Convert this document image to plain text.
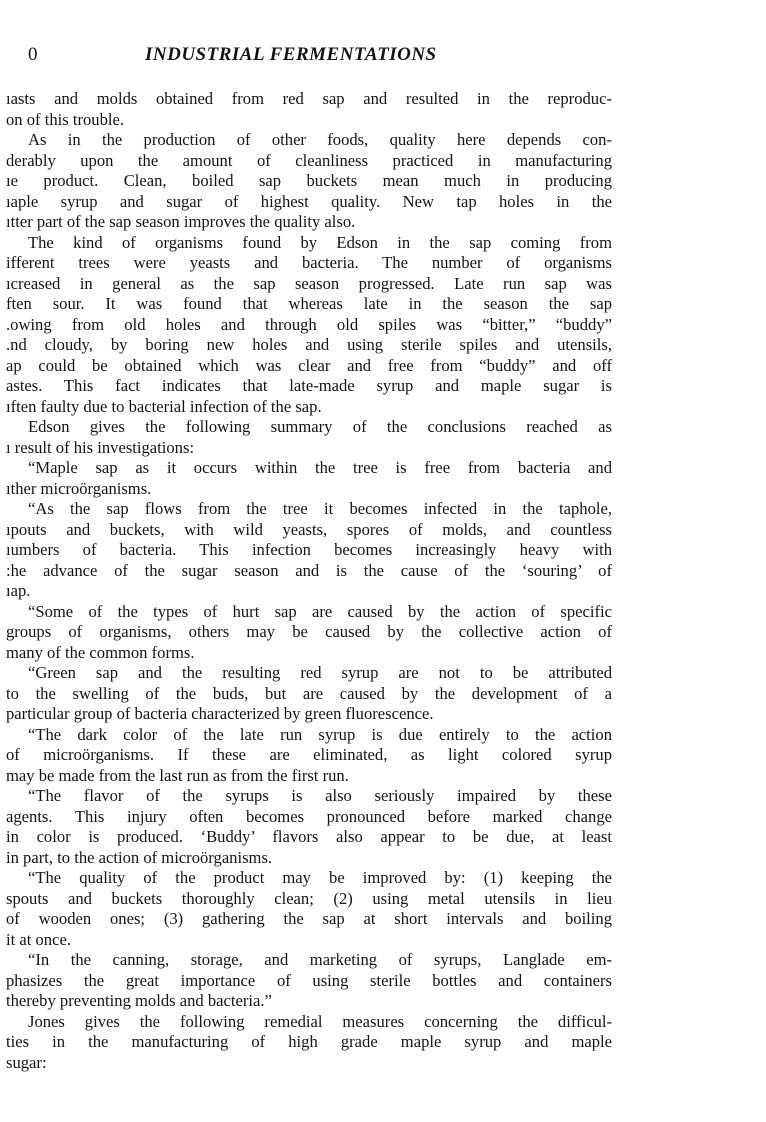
0	INDUSTRIAL FERMENTATIONS
ıasts and molds obtained from red sap and resulted in the reproduc-
on of this trouble.
As in the production of other foods, quality here depends con-
derably upon the amount of cleanliness practiced in manufacturing
ıe product. Clean, boiled sap buckets mean much in producing
ıaple syrup and sugar of highest quality. New tap holes in the
ıtter part of the sap season improves the quality also.
The kind of organisms found by Edson in the sap coming from
ifferent trees were yeasts and bacteria. The number of organisms
ıcreased in general as the sap season progressed. Late run sap was
ften sour. It was found that whereas late in the season the sap
.owing from old holes and through old spiles was “bitter,” “buddy”
.nd cloudy, by boring new holes and using sterile spiles and utensils,
ap could be obtained which was clear and free from “buddy” and off
astes. This fact indicates that late-made syrup and maple sugar is
ıften faulty due to bacterial infection of the sap.
Edson gives the following summary of the conclusions reached as
ı result of his investigations:
“Maple sap as it occurs within the tree is free from bacteria and
ıther microörganisms.
“As the sap flows from the tree it becomes infected in the taphole,
ıpouts and buckets, with wild yeasts, spores of molds, and countless
ıumbers of bacteria. This infection becomes increasingly heavy with
:he advance of the sugar season and is the cause of the ‘souring’ of
ıap.
“Some of the types of hurt sap are caused by the action of specific
groups of organisms, others may be caused by the collective action of
many of the common forms.
“Green sap and the resulting red syrup are not to be attributed
to the swelling of the buds, but are caused by the development of a
particular group of bacteria characterized by green fluorescence.
“The dark color of the late run syrup is due entirely to the action
of microörganisms. If these are eliminated, as light colored syrup
may be made from the last run as from the first run.
“The flavor of the syrups is also seriously impaired by these
agents. This injury often becomes pronounced before marked change
in color is produced. ‘Buddy’ flavors also appear to be due, at least
in part, to the action of microörganisms.
“The quality of the product may be improved by: (1) keeping the
spouts and buckets thoroughly clean; (2) using metal utensils in lieu
of wooden ones; (3) gathering the sap at short intervals and boiling
it at once.
“In the canning, storage, and marketing of syrups, Langlade em-
phasizes the great importance of using sterile bottles and containers
thereby preventing molds and bacteria.”
Jones gives the following remedial measures concerning the difficul-
ties in the manufacturing of high grade maple syrup and maple
sugar:
